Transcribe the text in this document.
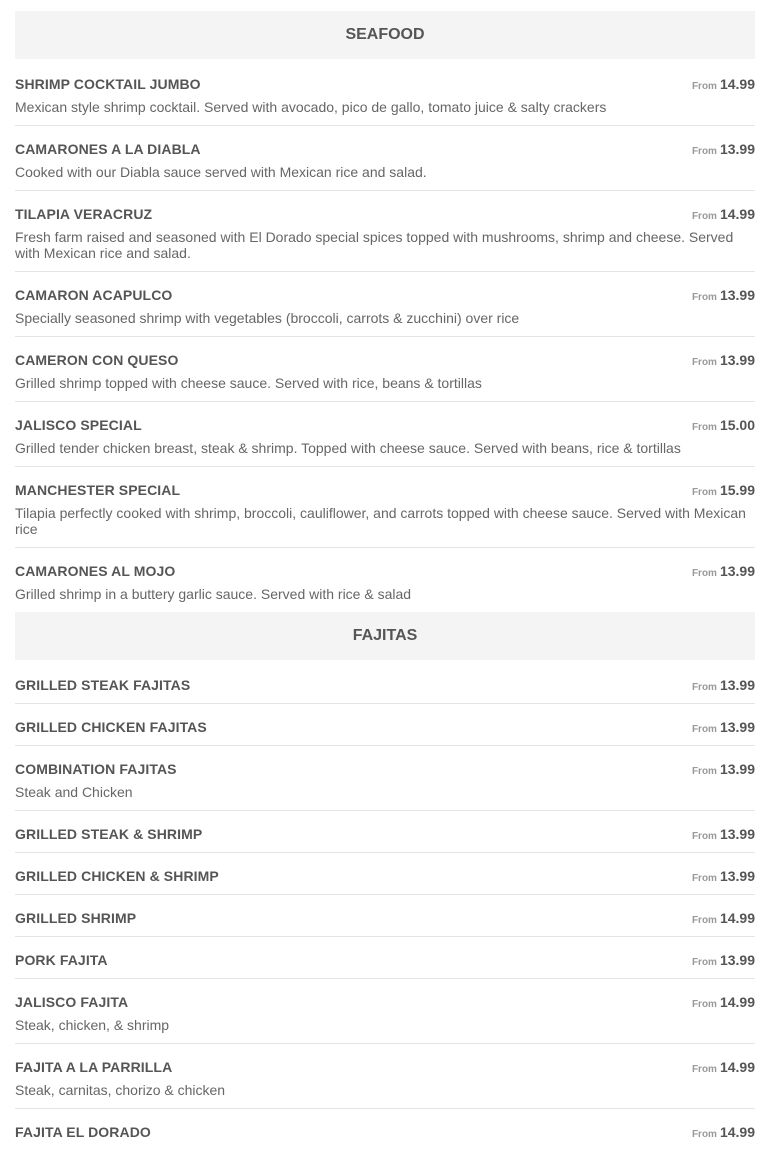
SEAFOOD
SHRIMP COCKTAIL JUMBO	From 14.99
Mexican style shrimp cocktail. Served with avocado, pico de gallo, tomato juice & salty crackers
CAMARONES A LA DIABLA	From 13.99
Cooked with our Diabla sauce served with Mexican rice and salad.
TILAPIA VERACRUZ	From 14.99
Fresh farm raised and seasoned with El Dorado special spices topped with mushrooms, shrimp and cheese. Served with Mexican rice and salad.
CAMARON ACAPULCO	From 13.99
Specially seasoned shrimp with vegetables (broccoli, carrots & zucchini) over rice
CAMERON CON QUESO	From 13.99
Grilled shrimp topped with cheese sauce. Served with rice, beans & tortillas
JALISCO SPECIAL	From 15.00
Grilled tender chicken breast, steak & shrimp. Topped with cheese sauce. Served with beans, rice & tortillas
MANCHESTER SPECIAL	From 15.99
Tilapia perfectly cooked with shrimp, broccoli, cauliflower, and carrots topped with cheese sauce. Served with Mexican rice
CAMARONES AL MOJO	From 13.99
Grilled shrimp in a buttery garlic sauce. Served with rice & salad
FAJITAS
GRILLED STEAK FAJITAS	From 13.99
GRILLED CHICKEN FAJITAS	From 13.99
COMBINATION FAJITAS	From 13.99
Steak and Chicken
GRILLED STEAK & SHRIMP	From 13.99
GRILLED CHICKEN & SHRIMP	From 13.99
GRILLED SHRIMP	From 14.99
PORK FAJITA	From 13.99
JALISCO FAJITA	From 14.99
Steak, chicken, & shrimp
FAJITA A LA PARRILLA	From 14.99
Steak, carnitas, chorizo & chicken
FAJITA EL DORADO	From 14.99
